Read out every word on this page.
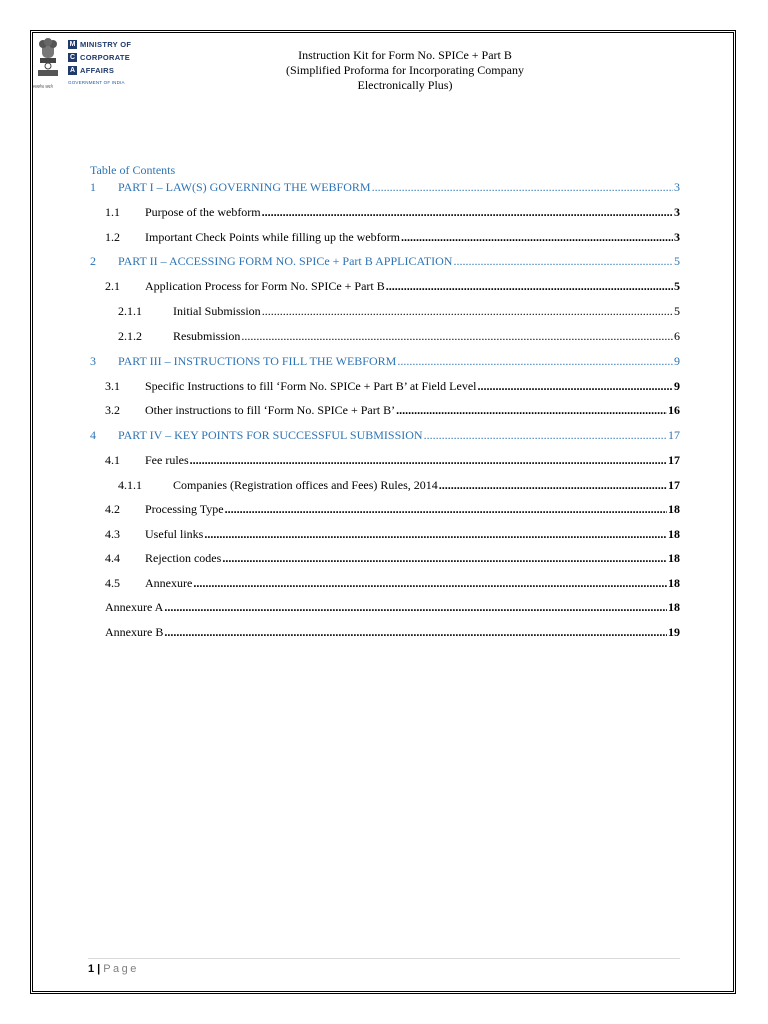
सत्यमेव जयते
M MINISTRY OF
C CORPORATE
A AFFAIRS
GOVERNMENT OF INDIA
Instruction Kit for Form No. SPICe + Part B
(Simplified Proforma for Incorporating Company
Electronically Plus)
Table of Contents
1	PART I – LAW(S) GOVERNING THE WEBFORM .....	3
1.1	Purpose of the webform .....	3
1.2	Important Check Points while filling up the webform .....	3
2	PART II – ACCESSING FORM NO. SPICe + Part B APPLICATION .....	5
2.1	Application Process for Form No. SPICe + Part B .....	5
2.1.1	Initial Submission .....	5
2.1.2	Resubmission .....	6
3	PART III – INSTRUCTIONS TO FILL THE WEBFORM .....	9
3.1	Specific Instructions to fill ‘Form No. SPICe + Part B’ at Field Level .....	9
3.2	Other instructions to fill ‘Form No. SPICe + Part B’ .....	16
4	PART IV – KEY POINTS FOR SUCCESSFUL SUBMISSION .....	17
4.1	Fee rules .....	17
4.1.1	Companies (Registration offices and Fees) Rules, 2014 .....	17
4.2	Processing Type .....	18
4.3	Useful links .....	18
4.4	Rejection codes .....	18
4.5	Annexure .....	18
Annexure A .....	18
Annexure B .....	19
1 | Page
